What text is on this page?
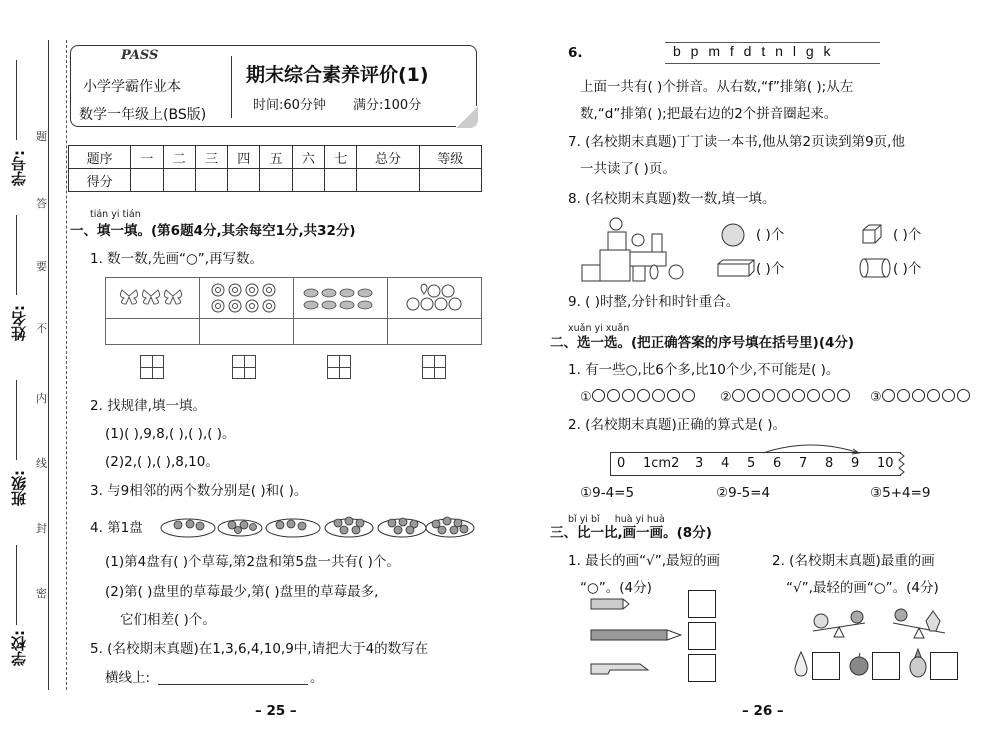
学号:
姓名:
班级:
学校:
题
答
要
不
内
线
封
密
PASS
小学学霸作业本
数学一年级上(BS版)
期末综合素养评价(1)
时间:60分钟 满分:100分
题序	一	二	三	四	五	六	七	总分	等级
得分									
tián yi tián
一、填一填。(第6题4分,其余每空1分,共32分)
1. 数一数,先画“○”,再写数。
2. 找规律,填一填。
(1)( ),9,8,( ),( ),( )。
(2)2,( ),( ),8,10。
3. 与9相邻的两个数分别是( )和( )。
4. 第1盘
(1)第4盘有( )个草莓,第2盘和第5盘一共有( )个。
(2)第( )盘里的草莓最少,第( )盘里的草莓最多,
它们相差( )个。
5. (名校期末真题)在1,3,6,4,10,9中,请把大于4的数写在
横线上:	。
– 25 –
6.	b p m f d t n l g k
上面一共有( )个拼音。从右数,“f”排第( );从左
数,“d”排第( );把最右边的2个拼音圈起来。
7. (名校期末真题)丁丁读一本书,他从第2页读到第9页,他
一共读了( )页。
8. (名校期末真题)数一数,填一填。
( )个	( )个
( )个	( )个
9. ( )时整,分针和时针重合。
xuǎn yi xuǎn
二、选一选。(把正确答案的序号填在括号里)(4分)
1. 有一些○,比6个多,比10个少,不可能是( )。
①	②	③
2. (名校期末真题)正确的算式是( )。
0	1cm2	3	4	5	6	7	8	9	10
①9-4=5	②9-5=4	③5+4=9
bǐ yi bǐ     huà yi huà
三、比一比,画一画。(8分)
1. 最长的画“√”,最短的画
“○”。(4分)
2. (名校期末真题)最重的画
“√”,最轻的画“○”。(4分)
– 26 –
